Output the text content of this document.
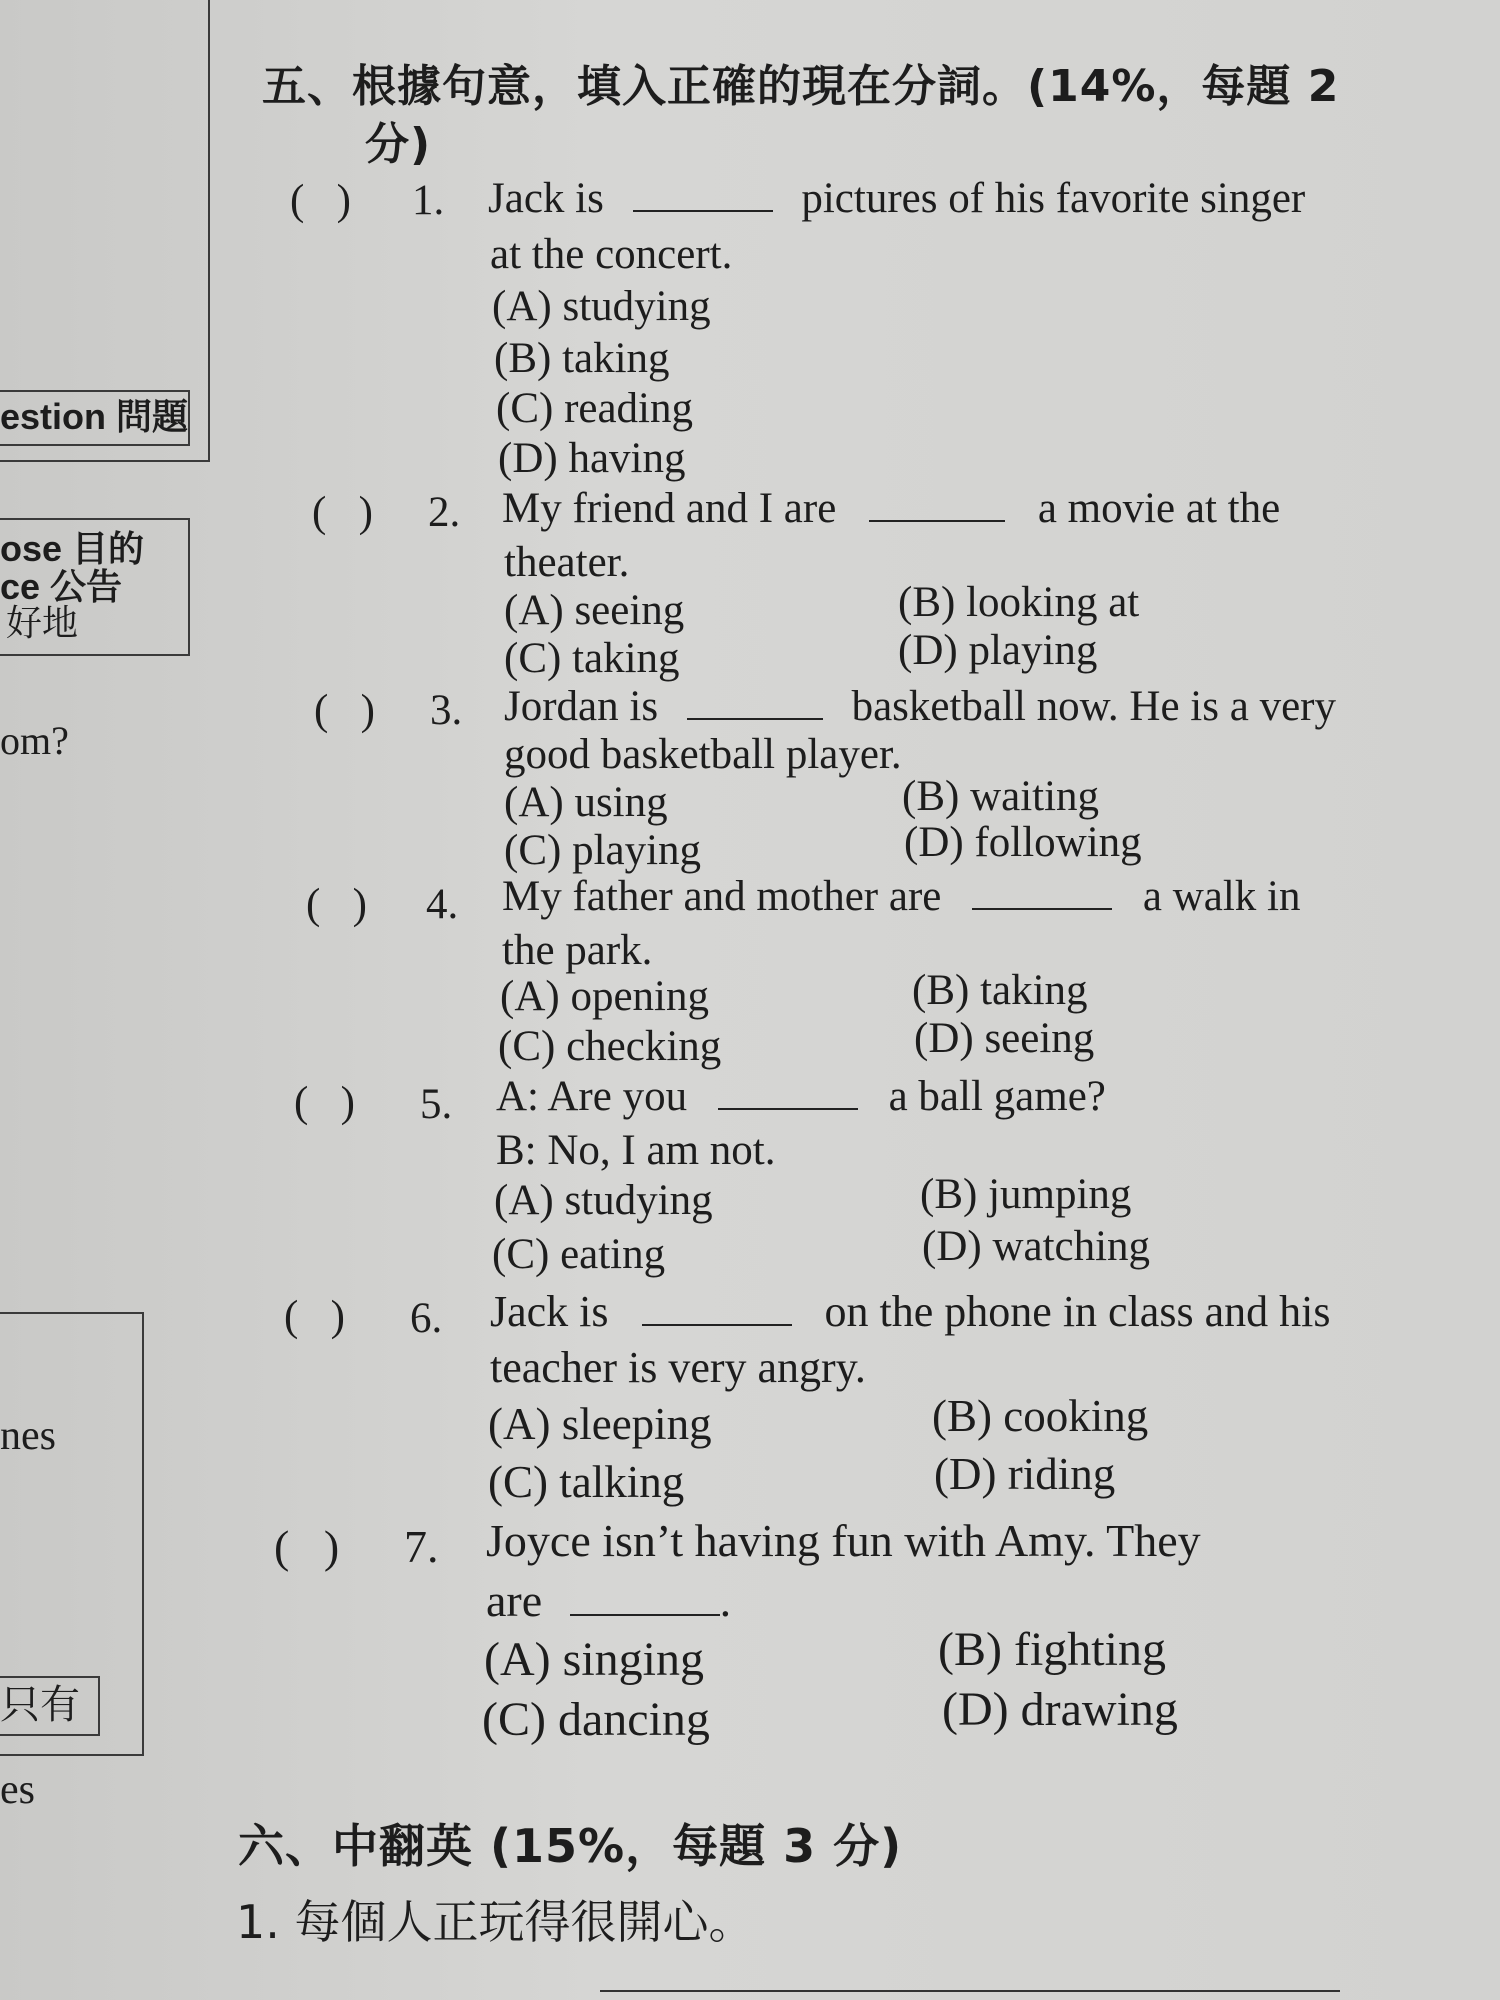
estion 問題
ose 目的
ce 公告
好地
om?
nes
只有
es
五、根據句意，填入正確的現在分詞。(14%，每題 2
分)
(   ) 1. Jack is	pictures of his favorite singer
at the concert.
(A) studying
(B) taking
(C) reading
(D) having
(   ) 2. My friend and I are	a movie at the
theater.
(A) seeing	(B) looking at
(C) taking	(D) playing
(   ) 3. Jordan is	basketball now. He is a very
good basketball player.
(A) using	(B) waiting
(C) playing	(D) following
(   ) 4. My father and mother are	a walk in
the park.
(A) opening	(B) taking
(C) checking	(D) seeing
(   ) 5. A: Are you	a ball game?
B: No, I am not.
(A) studying	(B) jumping
(C) eating	(D) watching
(   ) 6. Jack is	on the phone in class and his
teacher is very angry.
(A) sleeping	(B) cooking
(C) talking	(D) riding
(   ) 7. Joyce isn’t having fun with Amy. They
are	.
(A) singing	(B) fighting
(C) dancing	(D) drawing
六、中翻英 (15%，每題 3 分)
1. 每個人正玩得很開心。
